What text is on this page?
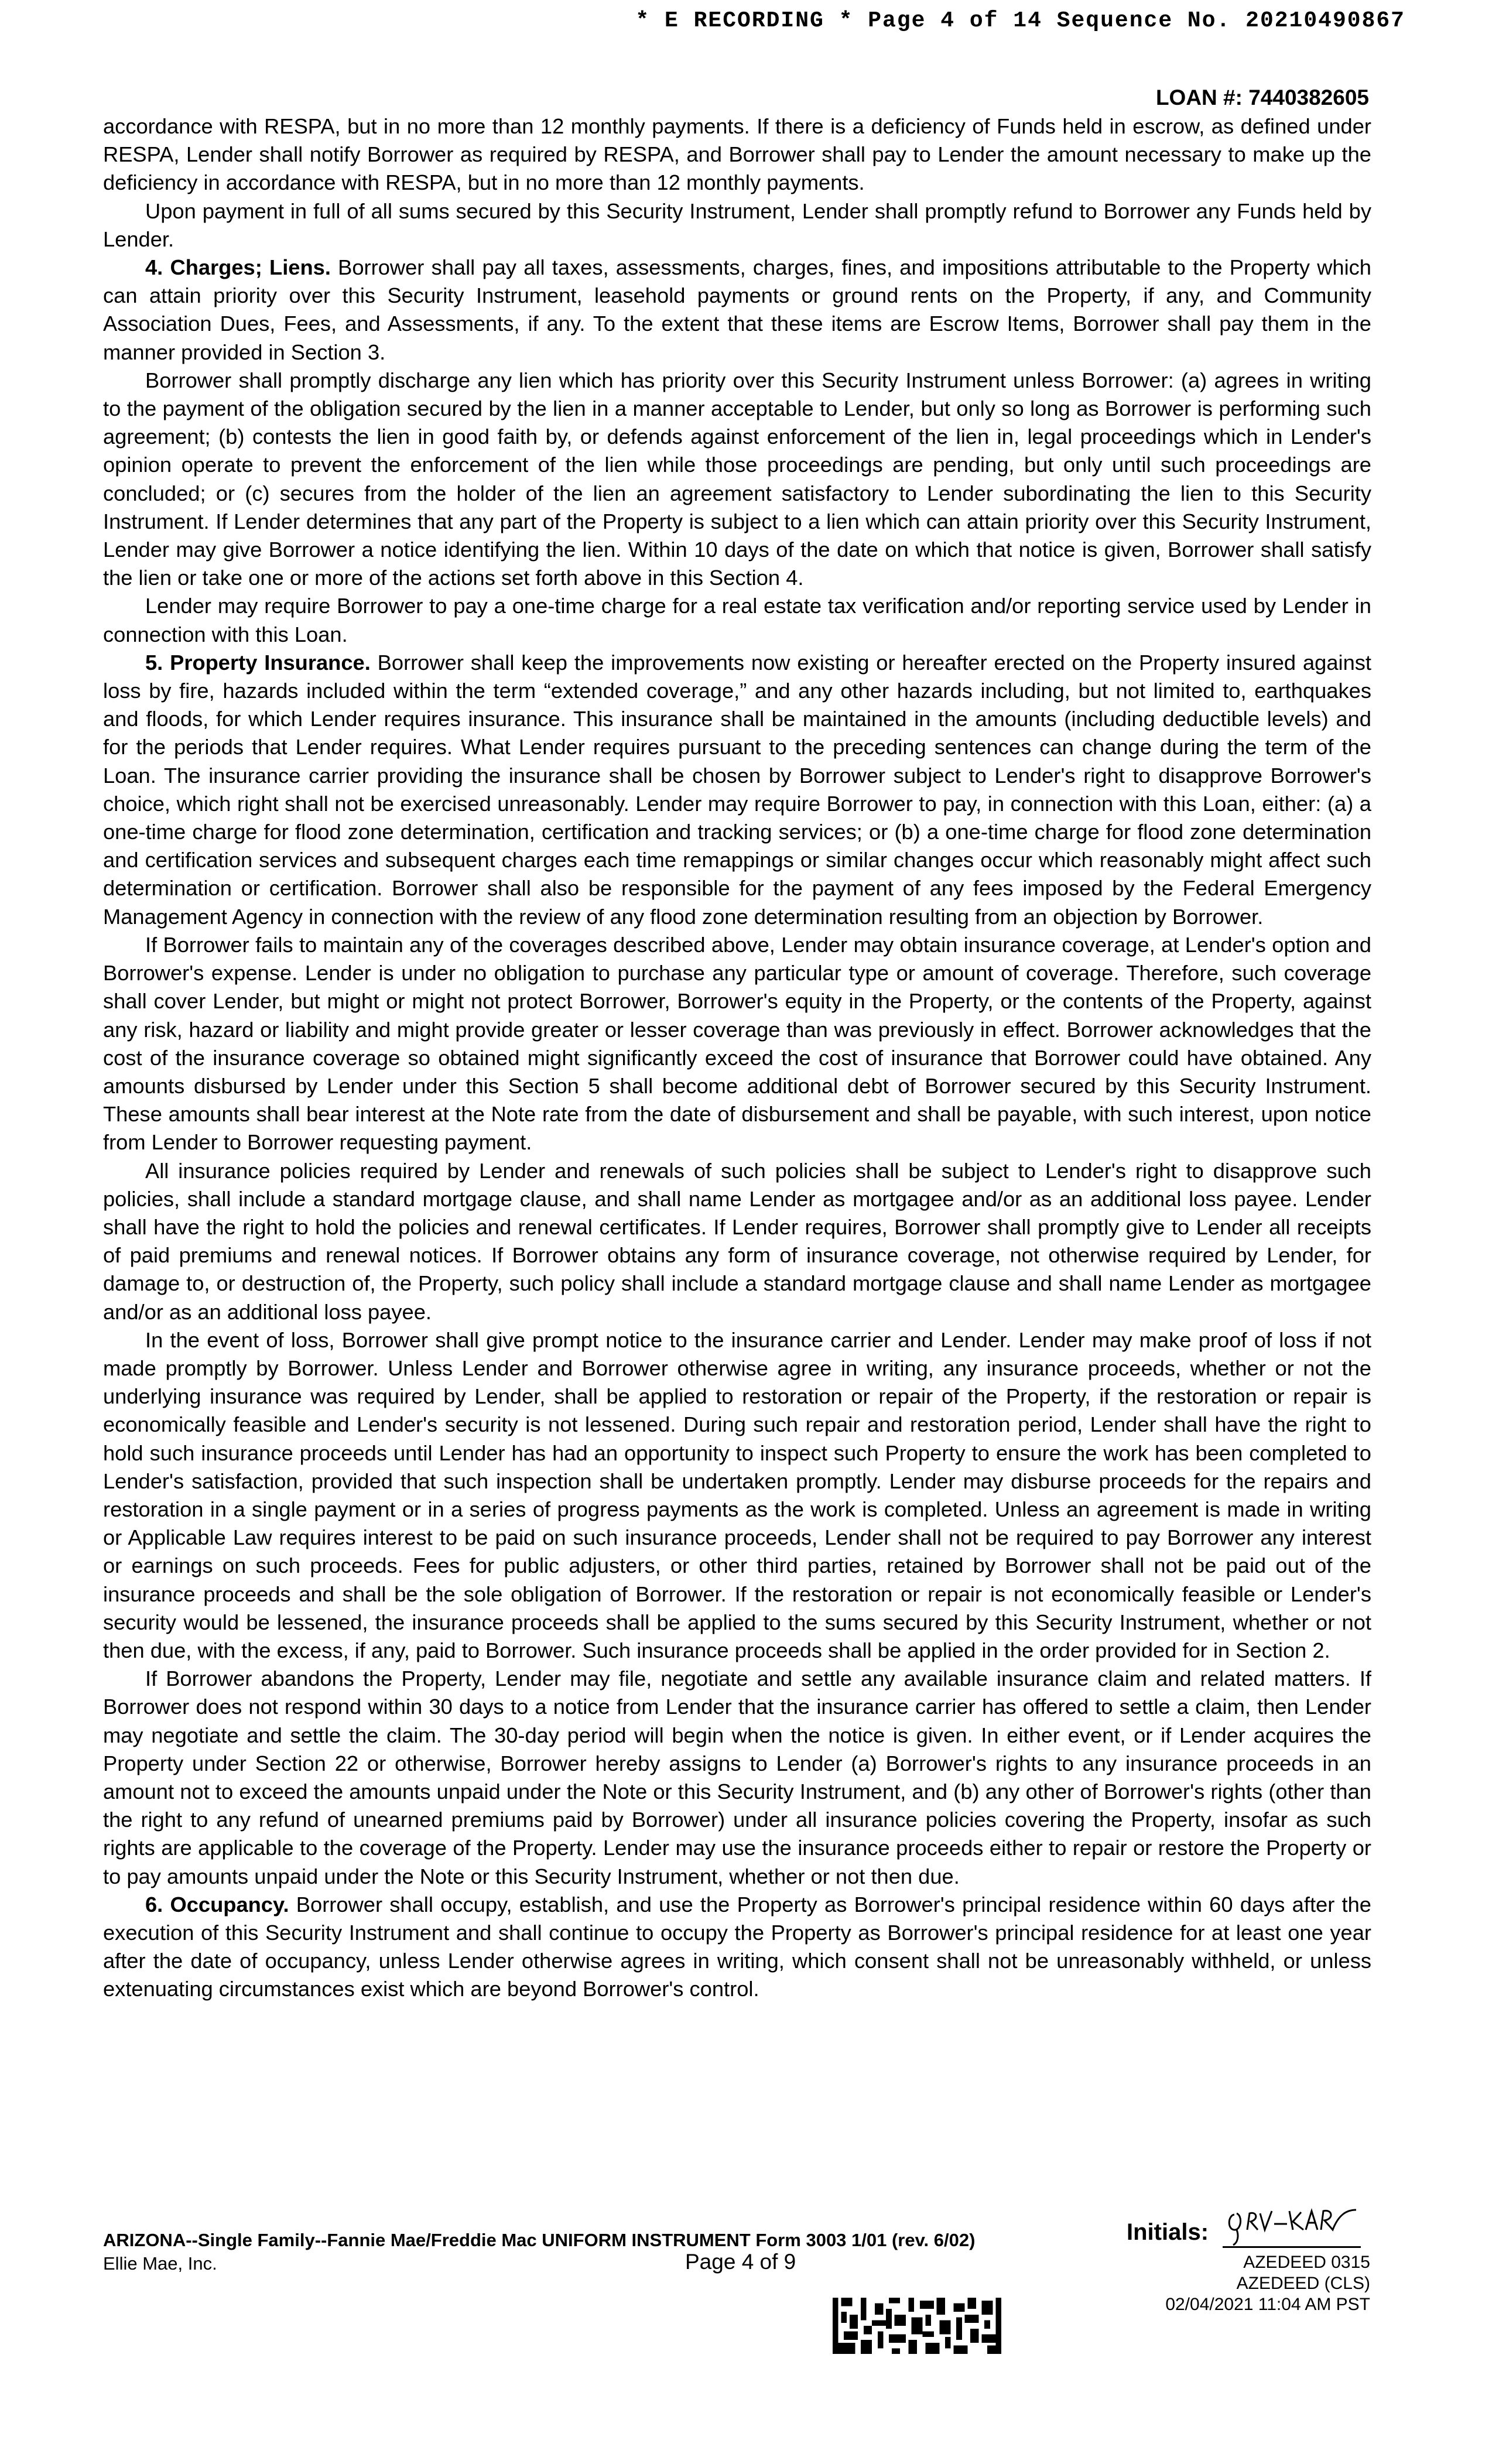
* E RECORDING * Page 4 of 14 Sequence No. 20210490867
LOAN #: 7440382605

accordance with RESPA, but in no more than 12 monthly payments. If there is a deficiency of Funds held in escrow, as defined under RESPA, Lender shall notify Borrower as required by RESPA, and Borrower shall pay to Lender the amount necessary to make up the deficiency in accordance with RESPA, but in no more than 12 monthly payments.

Upon payment in full of all sums secured by this Security Instrument, Lender shall promptly refund to Borrower any Funds held by Lender.

4. Charges; Liens. Borrower shall pay all taxes, assessments, charges, fines, and impositions attributable to the Property which can attain priority over this Security Instrument, leasehold payments or ground rents on the Property, if any, and Community Association Dues, Fees, and Assessments, if any. To the extent that these items are Escrow Items, Borrower shall pay them in the manner provided in Section 3.

Borrower shall promptly discharge any lien which has priority over this Security Instrument unless Borrower: (a) agrees in writing to the payment of the obligation secured by the lien in a manner acceptable to Lender, but only so long as Borrower is performing such agreement; (b) contests the lien in good faith by, or defends against enforcement of the lien in, legal proceedings which in Lender's opinion operate to prevent the enforcement of the lien while those proceedings are pending, but only until such proceedings are concluded; or (c) secures from the holder of the lien an agreement satisfactory to Lender subordinating the lien to this Security Instrument. If Lender determines that any part of the Property is subject to a lien which can attain priority over this Security Instrument, Lender may give Borrower a notice identifying the lien. Within 10 days of the date on which that notice is given, Borrower shall satisfy the lien or take one or more of the actions set forth above in this Section 4.

Lender may require Borrower to pay a one-time charge for a real estate tax verification and/or reporting service used by Lender in connection with this Loan.

5. Property Insurance. Borrower shall keep the improvements now existing or hereafter erected on the Property insured against loss by fire, hazards included within the term “extended coverage,” and any other hazards including, but not limited to, earthquakes and floods, for which Lender requires insurance. This insurance shall be maintained in the amounts (including deductible levels) and for the periods that Lender requires. What Lender requires pursuant to the preceding sentences can change during the term of the Loan. The insurance carrier providing the insurance shall be chosen by Borrower subject to Lender's right to disapprove Borrower's choice, which right shall not be exercised unreasonably. Lender may require Borrower to pay, in connection with this Loan, either: (a) a one-time charge for flood zone determination, certification and tracking services; or (b) a one-time charge for flood zone determination and certification services and subsequent charges each time remappings or similar changes occur which reasonably might affect such determination or certification. Borrower shall also be responsible for the payment of any fees imposed by the Federal Emergency Management Agency in connection with the review of any flood zone determination resulting from an objection by Borrower.

If Borrower fails to maintain any of the coverages described above, Lender may obtain insurance coverage, at Lender's option and Borrower's expense. Lender is under no obligation to purchase any particular type or amount of coverage. Therefore, such coverage shall cover Lender, but might or might not protect Borrower, Borrower's equity in the Property, or the contents of the Property, against any risk, hazard or liability and might provide greater or lesser coverage than was previously in effect. Borrower acknowledges that the cost of the insurance coverage so obtained might significantly exceed the cost of insurance that Borrower could have obtained. Any amounts disbursed by Lender under this Section 5 shall become additional debt of Borrower secured by this Security Instrument. These amounts shall bear interest at the Note rate from the date of disbursement and shall be payable, with such interest, upon notice from Lender to Borrower requesting payment.

All insurance policies required by Lender and renewals of such policies shall be subject to Lender's right to disapprove such policies, shall include a standard mortgage clause, and shall name Lender as mortgagee and/or as an additional loss payee. Lender shall have the right to hold the policies and renewal certificates. If Lender requires, Borrower shall promptly give to Lender all receipts of paid premiums and renewal notices. If Borrower obtains any form of insurance coverage, not otherwise required by Lender, for damage to, or destruction of, the Property, such policy shall include a standard mortgage clause and shall name Lender as mortgagee and/or as an additional loss payee.

In the event of loss, Borrower shall give prompt notice to the insurance carrier and Lender. Lender may make proof of loss if not made promptly by Borrower. Unless Lender and Borrower otherwise agree in writing, any insurance proceeds, whether or not the underlying insurance was required by Lender, shall be applied to restoration or repair of the Property, if the restoration or repair is economically feasible and Lender's security is not lessened. During such repair and restoration period, Lender shall have the right to hold such insurance proceeds until Lender has had an opportunity to inspect such Property to ensure the work has been completed to Lender's satisfaction, provided that such inspection shall be undertaken promptly. Lender may disburse proceeds for the repairs and restoration in a single payment or in a series of progress payments as the work is completed. Unless an agreement is made in writing or Applicable Law requires interest to be paid on such insurance proceeds, Lender shall not be required to pay Borrower any interest or earnings on such proceeds. Fees for public adjusters, or other third parties, retained by Borrower shall not be paid out of the insurance proceeds and shall be the sole obligation of Borrower. If the restoration or repair is not economically feasible or Lender's security would be lessened, the insurance proceeds shall be applied to the sums secured by this Security Instrument, whether or not then due, with the excess, if any, paid to Borrower. Such insurance proceeds shall be applied in the order provided for in Section 2.

If Borrower abandons the Property, Lender may file, negotiate and settle any available insurance claim and related matters. If Borrower does not respond within 30 days to a notice from Lender that the insurance carrier has offered to settle a claim, then Lender may negotiate and settle the claim. The 30-day period will begin when the notice is given. In either event, or if Lender acquires the Property under Section 22 or otherwise, Borrower hereby assigns to Lender (a) Borrower's rights to any insurance proceeds in an amount not to exceed the amounts unpaid under the Note or this Security Instrument, and (b) any other of Borrower's rights (other than the right to any refund of unearned premiums paid by Borrower) under all insurance policies covering the Property, insofar as such rights are applicable to the coverage of the Property. Lender may use the insurance proceeds either to repair or restore the Property or to pay amounts unpaid under the Note or this Security Instrument, whether or not then due.

6. Occupancy. Borrower shall occupy, establish, and use the Property as Borrower's principal residence within 60 days after the execution of this Security Instrument and shall continue to occupy the Property as Borrower's principal residence for at least one year after the date of occupancy, unless Lender otherwise agrees in writing, which consent shall not be unreasonably withheld, or unless extenuating circumstances exist which are beyond Borrower's control.

ARIZONA--Single Family--Fannie Mae/Freddie Mac UNIFORM INSTRUMENT Form 3003 1/01 (rev. 6/02)
Ellie Mae, Inc.	Page 4 of 9
Initials:
AZEDEED 0315
AZEDEED (CLS)
02/04/2021 11:04 AM PST
